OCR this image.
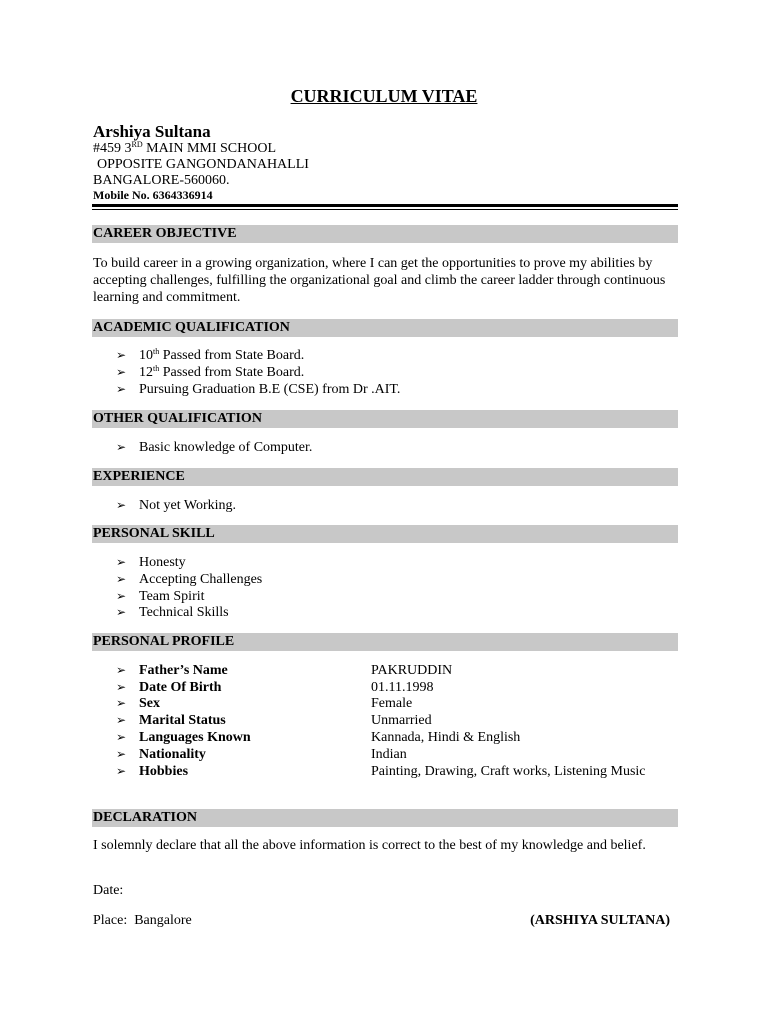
CURRICULUM VITAE
Arshiya Sultana
#459 3RD MAIN MMI SCHOOL
OPPOSITE GANGONDANAHALLI
BANGALORE-560060.
Mobile No. 6364336914
CAREER OBJECTIVE
To build career in a growing organization, where I can get the opportunities to prove my abilities by accepting challenges, fulfilling the organizational goal and climb the career ladder through continuous learning and commitment.
ACADEMIC QUALIFICATION
➢ 10th Passed from State Board.
➢ 12th Passed from State Board.
➢ Pursuing Graduation B.E (CSE) from Dr .AIT.
OTHER QUALIFICATION
➢ Basic knowledge of Computer.
EXPERIENCE
➢ Not yet Working.
PERSONAL SKILL
➢ Honesty
➢ Accepting Challenges
➢ Team Spirit
➢ Technical Skills
PERSONAL PROFILE
➢ Father’s Name	PAKRUDDIN
➢ Date Of Birth	01.11.1998
➢ Sex	Female
➢ Marital Status	Unmarried
➢ Languages Known	Kannada, Hindi & English
➢ Nationality	Indian
➢ Hobbies	Painting, Drawing, Craft works, Listening Music
DECLARATION
I solemnly declare that all the above information is correct to the best of my knowledge and belief.
Date:
Place:  Bangalore	(ARSHIYA SULTANA)
